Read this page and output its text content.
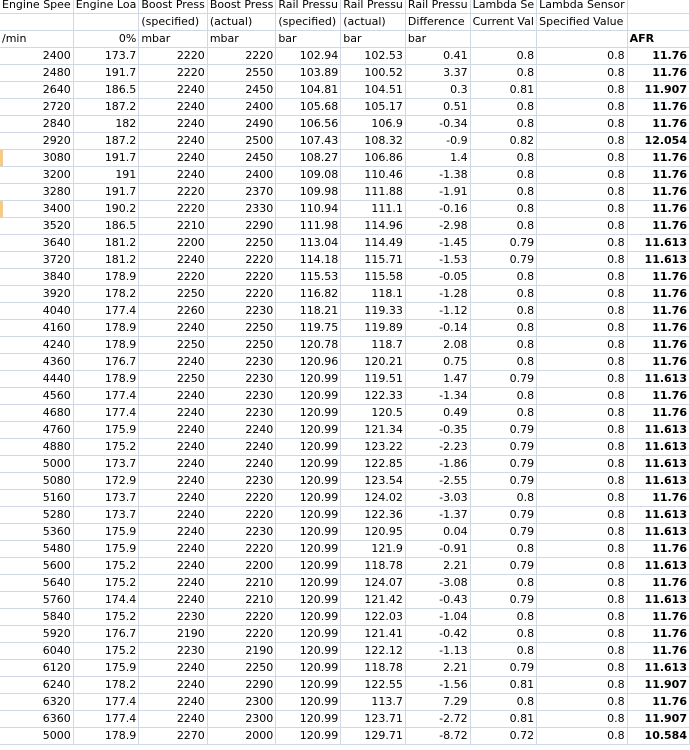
Engine Spee	Engine Loa	Boost Press	Boost Press	Rail Pressu	Rail Pressu	Rail Pressu	Lambda Se	Lambda Sensor	
		(specified)	(actual)	(specified)	(actual)	Difference	Current Val	Specified Value	
/min	0%	mbar	mbar	bar	bar	bar			AFR
2400	173.7	2220	2220	102.94	102.53	0.41	0.8	0.8	11.76
2480	191.7	2220	2550	103.89	100.52	3.37	0.8	0.8	11.76
2640	186.5	2240	2450	104.81	104.51	0.3	0.81	0.8	11.907
2720	187.2	2240	2400	105.68	105.17	0.51	0.8	0.8	11.76
2840	182	2240	2490	106.56	106.9	-0.34	0.8	0.8	11.76
2920	187.2	2240	2500	107.43	108.32	-0.9	0.82	0.8	12.054
3080	191.7	2240	2450	108.27	106.86	1.4	0.8	0.8	11.76
3200	191	2240	2400	109.08	110.46	-1.38	0.8	0.8	11.76
3280	191.7	2220	2370	109.98	111.88	-1.91	0.8	0.8	11.76
3400	190.2	2220	2330	110.94	111.1	-0.16	0.8	0.8	11.76
3520	186.5	2210	2290	111.98	114.96	-2.98	0.8	0.8	11.76
3640	181.2	2200	2250	113.04	114.49	-1.45	0.79	0.8	11.613
3720	181.2	2240	2220	114.18	115.71	-1.53	0.79	0.8	11.613
3840	178.9	2220	2220	115.53	115.58	-0.05	0.8	0.8	11.76
3920	178.2	2250	2220	116.82	118.1	-1.28	0.8	0.8	11.76
4040	177.4	2260	2230	118.21	119.33	-1.12	0.8	0.8	11.76
4160	178.9	2240	2250	119.75	119.89	-0.14	0.8	0.8	11.76
4240	178.9	2250	2250	120.78	118.7	2.08	0.8	0.8	11.76
4360	176.7	2240	2230	120.96	120.21	0.75	0.8	0.8	11.76
4440	178.9	2250	2230	120.99	119.51	1.47	0.79	0.8	11.613
4560	177.4	2240	2230	120.99	122.33	-1.34	0.8	0.8	11.76
4680	177.4	2240	2230	120.99	120.5	0.49	0.8	0.8	11.76
4760	175.9	2240	2240	120.99	121.34	-0.35	0.79	0.8	11.613
4880	175.2	2240	2240	120.99	123.22	-2.23	0.79	0.8	11.613
5000	173.7	2240	2240	120.99	122.85	-1.86	0.79	0.8	11.613
5080	172.9	2240	2230	120.99	123.54	-2.55	0.79	0.8	11.613
5160	173.7	2240	2220	120.99	124.02	-3.03	0.8	0.8	11.76
5280	173.7	2240	2220	120.99	122.36	-1.37	0.79	0.8	11.613
5360	175.9	2240	2230	120.99	120.95	0.04	0.79	0.8	11.613
5480	175.9	2240	2220	120.99	121.9	-0.91	0.8	0.8	11.76
5600	175.2	2240	2200	120.99	118.78	2.21	0.79	0.8	11.613
5640	175.2	2240	2210	120.99	124.07	-3.08	0.8	0.8	11.76
5760	174.4	2240	2210	120.99	121.42	-0.43	0.79	0.8	11.613
5840	175.2	2230	2220	120.99	122.03	-1.04	0.8	0.8	11.76
5920	176.7	2190	2220	120.99	121.41	-0.42	0.8	0.8	11.76
6040	175.2	2230	2190	120.99	122.12	-1.13	0.8	0.8	11.76
6120	175.9	2240	2250	120.99	118.78	2.21	0.79	0.8	11.613
6240	178.2	2240	2290	120.99	122.55	-1.56	0.81	0.8	11.907
6320	177.4	2240	2300	120.99	113.7	7.29	0.8	0.8	11.76
6360	177.4	2240	2300	120.99	123.71	-2.72	0.81	0.8	11.907
5000	178.9	2270	2000	120.99	129.71	-8.72	0.72	0.8	10.584
